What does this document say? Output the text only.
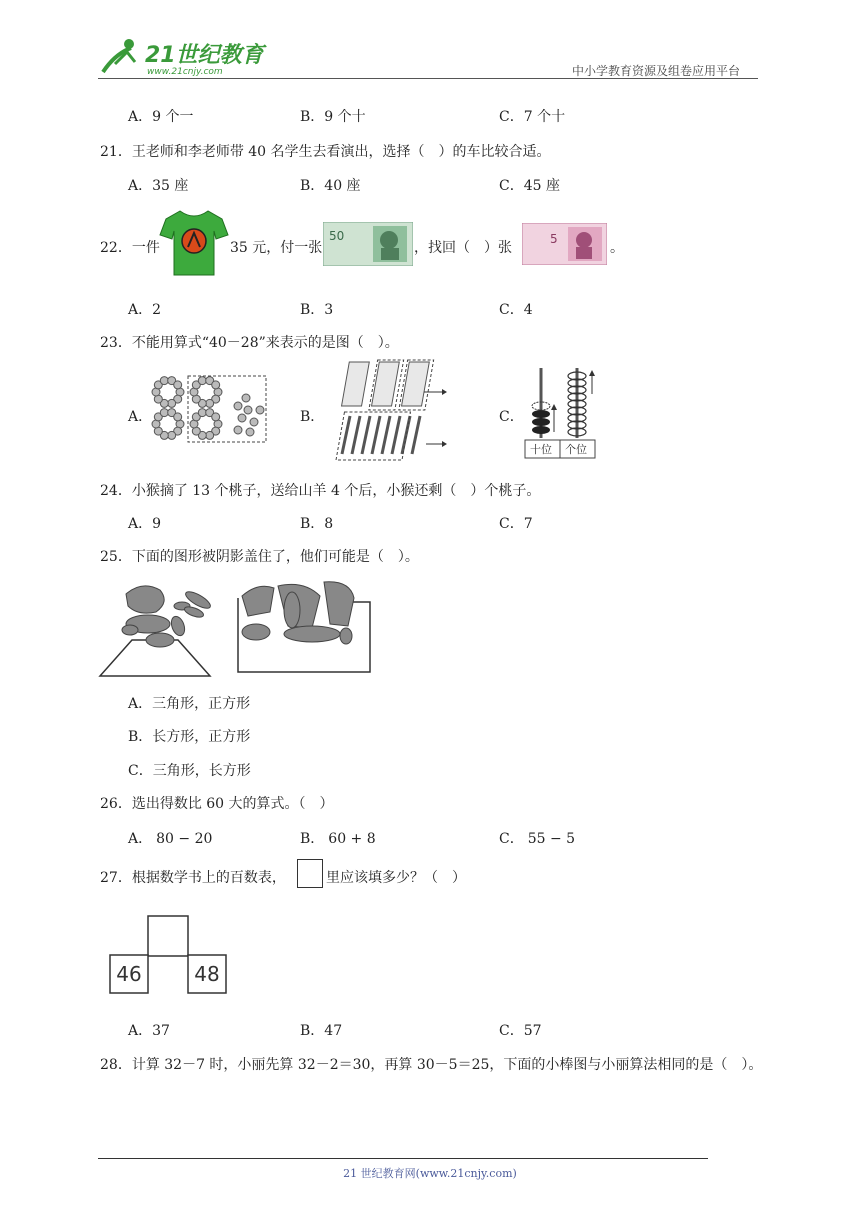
21世纪教育
www.21cnjy.com	中小学教育资源及组卷应用平台
A．9 个一	B．9 个十	C．7 个十
21．王老师和李老师带 40 名学生去看演出，选择（　）的车比较合适。
A．35 座	B．40 座	C．45 座
22．一件	35 元，付一张
50
，找回（　）张
5
。
A．2	B．3	C．4
23．不能用算式“40－28”来表示的是图（　）。
A．	B．	C．
十位 个位
24．小猴摘了 13 个桃子，送给山羊 4 个后，小猴还剩（　）个桃子。
A．9	B．8	C．7
25．下面的图形被阴影盖住了，他们可能是（　）。
A．三角形，正方形
B．长方形，正方形
C．三角形，长方形
26．选出得数比 60 大的算式。（　）
A． 80 − 20	B． 60 + 8	C． 55 − 5
27．根据数学书上的百数表，	里应该填多少？（　）
46	48
A．37	B．47	C．57
28．计算 32－7 时，小丽先算 32－2＝30，再算 30－5＝25，下面的小棒图与小丽算法相同的是（　）。
21 世纪教育网(www.21cnjy.com)
